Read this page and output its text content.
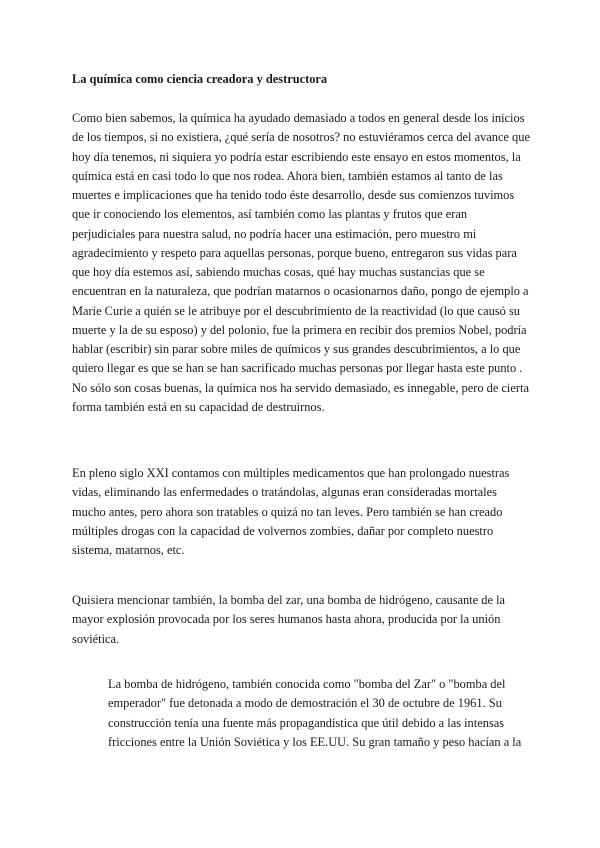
La química como ciencia creadora y destructora

Como bien sabemos, la química ha ayudado demasiado a todos en general desde los inicios de los tiempos, si no existiera, ¿qué sería de nosotros? no estuviéramos cerca del avance que hoy día tenemos, ni siquiera yo podría estar escribiendo este ensayo en estos momentos, la química está en casi todo lo que nos rodea. Ahora bien, también estamos al tanto de las muertes e implicaciones que ha tenido todo éste desarrollo, desde sus comienzos tuvimos que ir conociendo los elementos, así también como las plantas y frutos que eran perjudiciales para nuestra salud, no podría hacer una estimación, pero muestro mi agradecimiento y respeto para aquellas personas, porque bueno, entregaron sus vidas para que hoy día estemos así, sabiendo muchas cosas, qué hay muchas sustancias que se encuentran en la naturaleza, que podrían matarnos o ocasionarnos daño, pongo de ejemplo a Marie Curie a quién se le atribuye por el descubrimiento de la reactividad (lo que causó su muerte y la de su esposo) y del polonio, fue la primera en recibir dos premios Nobel, podría hablar (escribir) sin parar sobre miles de químicos y sus grandes descubrimientos, a lo que quiero llegar es que se han se han sacrificado muchas personas por llegar hasta este punto . No sólo son cosas buenas, la química nos ha servido demasiado, es innegable, pero de cierta forma también está en su capacidad de destruirnos.

En pleno siglo XXI contamos con múltiples medicamentos que han prolongado nuestras vidas, eliminando las enfermedades o tratándolas, algunas eran consideradas mortales mucho antes, pero ahora son tratables o quizá no tan leves. Pero también se han creado múltiples drogas con la capacidad de volvernos zombies, dañar por completo nuestro sistema, matarnos, etc.

Quisiera mencionar también, la bomba del zar, una bomba de hidrógeno, causante de la mayor explosión provocada por los seres humanos hasta ahora, producida por la unión soviética.

La bomba de hidrógeno, también conocida como "bomba del Zar" o "bomba del emperador" fue detonada a modo de demostración el 30 de octubre de 1961. Su construcción tenía una fuente más propagandística que útil debido a las intensas fricciones entre la Unión Soviética y los EE.UU. Su gran tamaño y peso hacían a la
